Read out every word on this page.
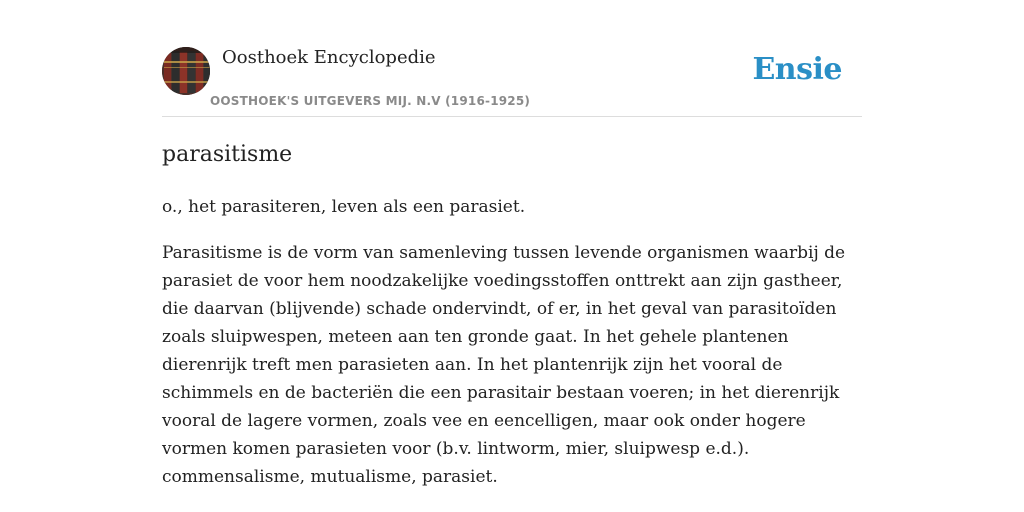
Oosthoek Encyclopedie
OOSTHOEK'S UITGEVERS MIJ. N.V (1916-1925)
Ensie
parasitisme

o., het parasiteren, leven als een parasiet.

Parasitisme is de vorm van samenleving tussen levende organismen waarbij de parasiet de voor hem noodzakelijke voedingsstoffen onttrekt aan zijn gastheer, die daarvan (blijvende) schade ondervindt, of er, in het geval van parasitoïden zoals sluipwespen, meteen aan ten gronde gaat. In het gehele plantenen dierenrijk treft men parasieten aan. In het plantenrijk zijn het vooral de schimmels en de bacteriën die een parasitair bestaan voeren; in het dierenrijk vooral de lagere vormen, zoals vee en eencelligen, maar ook onder hogere vormen komen parasieten voor (b.v. lintworm, mier, sluipwesp e.d.). commensalisme, mutualisme, parasiet.
